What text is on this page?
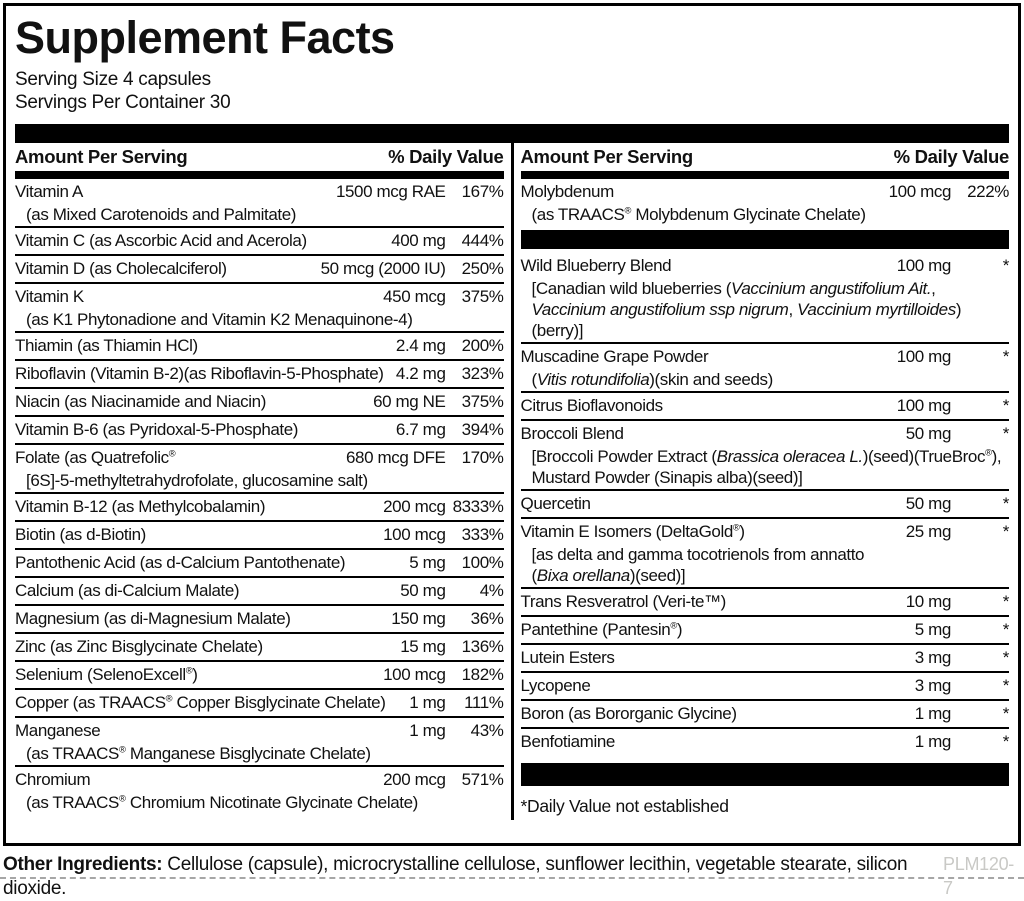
Supplement Facts
Serving Size 4 capsules
Servings Per Container 30
Amount Per Serving	% Daily Value
Vitamin A	1500 mcg RAE 167%
(as Mixed Carotenoids and Palmitate)
Vitamin C (as Ascorbic Acid and Acerola)	400 mg 444%
Vitamin D (as Cholecalciferol)	50 mcg (2000 IU) 250%
Vitamin K	450 mcg 375%
(as K1 Phytonadione and Vitamin K2 Menaquinone-4)
Thiamin (as Thiamin HCl)	2.4 mg 200%
Riboflavin (Vitamin B-2)(as Riboflavin-5-Phosphate) 4.2 mg 323%
Niacin (as Niacinamide and Niacin)	60 mg NE 375%
Vitamin B-6 (as Pyridoxal-5-Phosphate)	6.7 mg 394%
Folate (as Quatrefolic®	680 mcg DFE 170%
[6S]-5-methyltetrahydrofolate, glucosamine salt)
Vitamin B-12 (as Methylcobalamin)	200 mcg 8333%
Biotin (as d-Biotin)	100 mcg 333%
Pantothenic Acid (as d-Calcium Pantothenate)	5 mg 100%
Calcium (as di-Calcium Malate)	50 mg	4%
Magnesium (as di-Magnesium Malate)	150 mg	36%
Zinc (as Zinc Bisglycinate Chelate)	15 mg 136%
Selenium (SelenoExcell®)	100 mcg 182%
Copper (as TRAACS® Copper Bisglycinate Chelate)	1 mg	111%
Manganese	1 mg	43%
(as TRAACS® Manganese Bisglycinate Chelate)
Chromium	200 mcg 571%
(as TRAACS® Chromium Nicotinate Glycinate Chelate)
Amount Per Serving	% Daily Value
Molybdenum	100 mcg 222%
(as TRAACS® Molybdenum Glycinate Chelate)
Wild Blueberry Blend	100 mg	*
[Canadian wild blueberries (Vaccinium angustifolium Ait., Vaccinium angustifolium ssp nigrum, Vaccinium myrtilloides)(berry)]
Muscadine Grape Powder	100 mg	*
(Vitis rotundifolia)(skin and seeds)
Citrus Bioflavonoids	100 mg	*
Broccoli Blend	50 mg	*
[Broccoli Powder Extract (Brassica oleracea L.)(seed)(TrueBroc®),
Mustard Powder (Sinapis alba)(seed)]
Quercetin	50 mg	*
Vitamin E Isomers (DeltaGold®)	25 mg	*
[as delta and gamma tocotrienols from annatto
(Bixa orellana)(seed)]
Trans Resveratrol (Veri-te™)	10 mg	*
Pantethine (Pantesin®)	5 mg	*
Lutein Esters	3 mg	*
Lycopene	3 mg	*
Boron (as Bororganic Glycine)	1 mg	*
Benfotiamine	1 mg	*
*Daily Value not established
Other Ingredients: Cellulose (capsule), microcrystalline cellulose, sunflower lecithin, vegetable stearate, silicon dioxide.
PLM120-7
